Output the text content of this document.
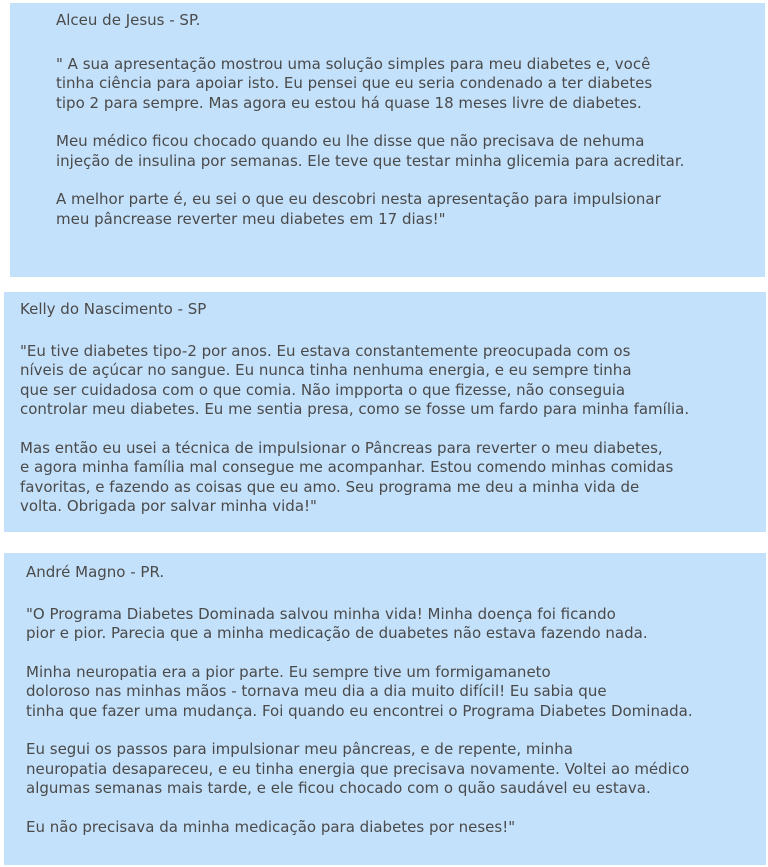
Alceu de Jesus - SP.

" A sua apresentação mostrou uma solução simples para meu diabetes e, você
tinha ciência para apoiar isto. Eu pensei que eu seria condenado a ter diabetes
tipo 2 para sempre. Mas agora eu estou há quase 18 meses livre de diabetes.

Meu médico ficou chocado quando eu lhe disse que não precisava de nehuma
injeção de insulina por semanas. Ele teve que testar minha glicemia para acreditar.

A melhor parte é, eu sei o que eu descobri nesta apresentação para impulsionar
meu pâncrease reverter meu diabetes em 17 dias!"

Kelly do Nascimento - SP

"Eu tive diabetes tipo-2 por anos. Eu estava constantemente preocupada com os
níveis de açúcar no sangue. Eu nunca tinha nenhuma energia, e eu sempre tinha
que ser cuidadosa com o que comia. Não impporta o que fizesse, não conseguia
controlar meu diabetes. Eu me sentia presa, como se fosse um fardo para minha família.

Mas então eu usei a técnica de impulsionar o Pâncreas para reverter o meu diabetes,
e agora minha família mal consegue me acompanhar. Estou comendo minhas comidas
favoritas, e fazendo as coisas que eu amo. Seu programa me deu a minha vida de
volta. Obrigada por salvar minha vida!"

André Magno - PR.

"O Programa Diabetes Dominada salvou minha vida! Minha doença foi ficando
pior e pior. Parecia que a minha medicação de duabetes não estava fazendo nada.

Minha neuropatia era a pior parte. Eu sempre tive um formigamaneto
doloroso nas minhas mãos - tornava meu dia a dia muito difícil! Eu sabia que
tinha que fazer uma mudança. Foi quando eu encontrei o Programa Diabetes Dominada.

Eu segui os passos para impulsionar meu pâncreas, e de repente, minha
neuropatia desapareceu, e eu tinha energia que precisava novamente. Voltei ao médico
algumas semanas mais tarde, e ele ficou chocado com o quão saudável eu estava.

Eu não precisava da minha medicação para diabetes por neses!"
